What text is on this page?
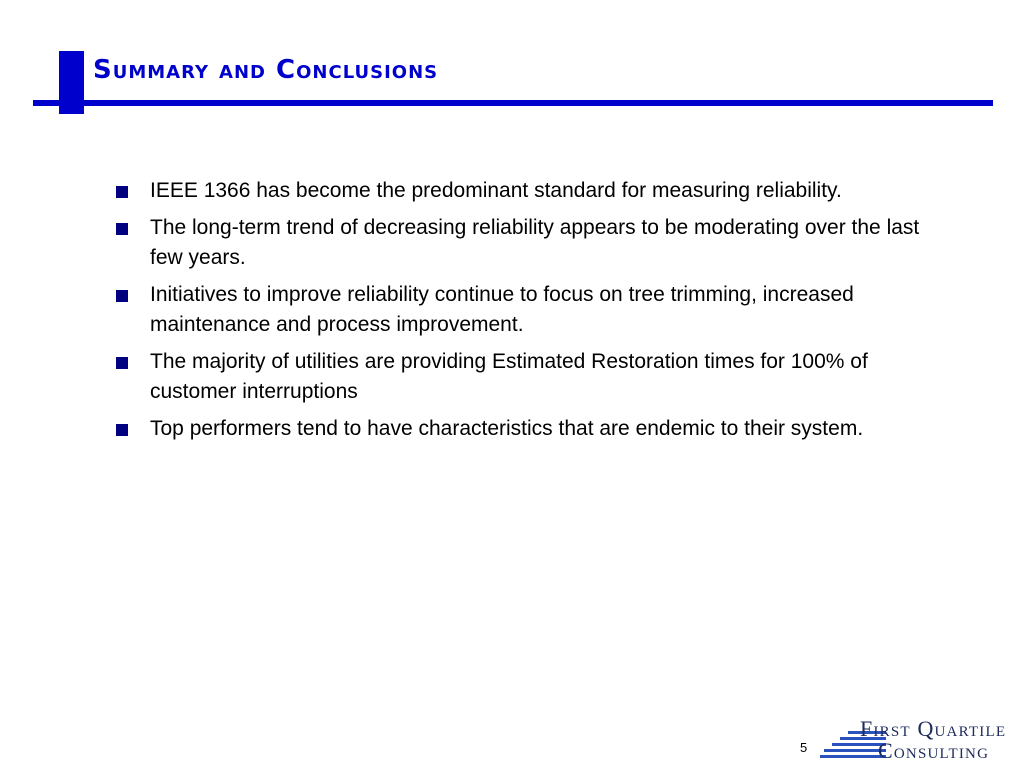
Summary and Conclusions
IEEE 1366 has become the predominant standard for measuring reliability.
The long-term trend of decreasing reliability appears to be moderating over the last few years.
Initiatives to improve reliability continue to focus on tree trimming, increased maintenance and process improvement.
The majority of utilities are providing Estimated Restoration times for 100% of customer interruptions
Top performers tend to have characteristics that are endemic to their system.
5
First Quartile
Consulting
